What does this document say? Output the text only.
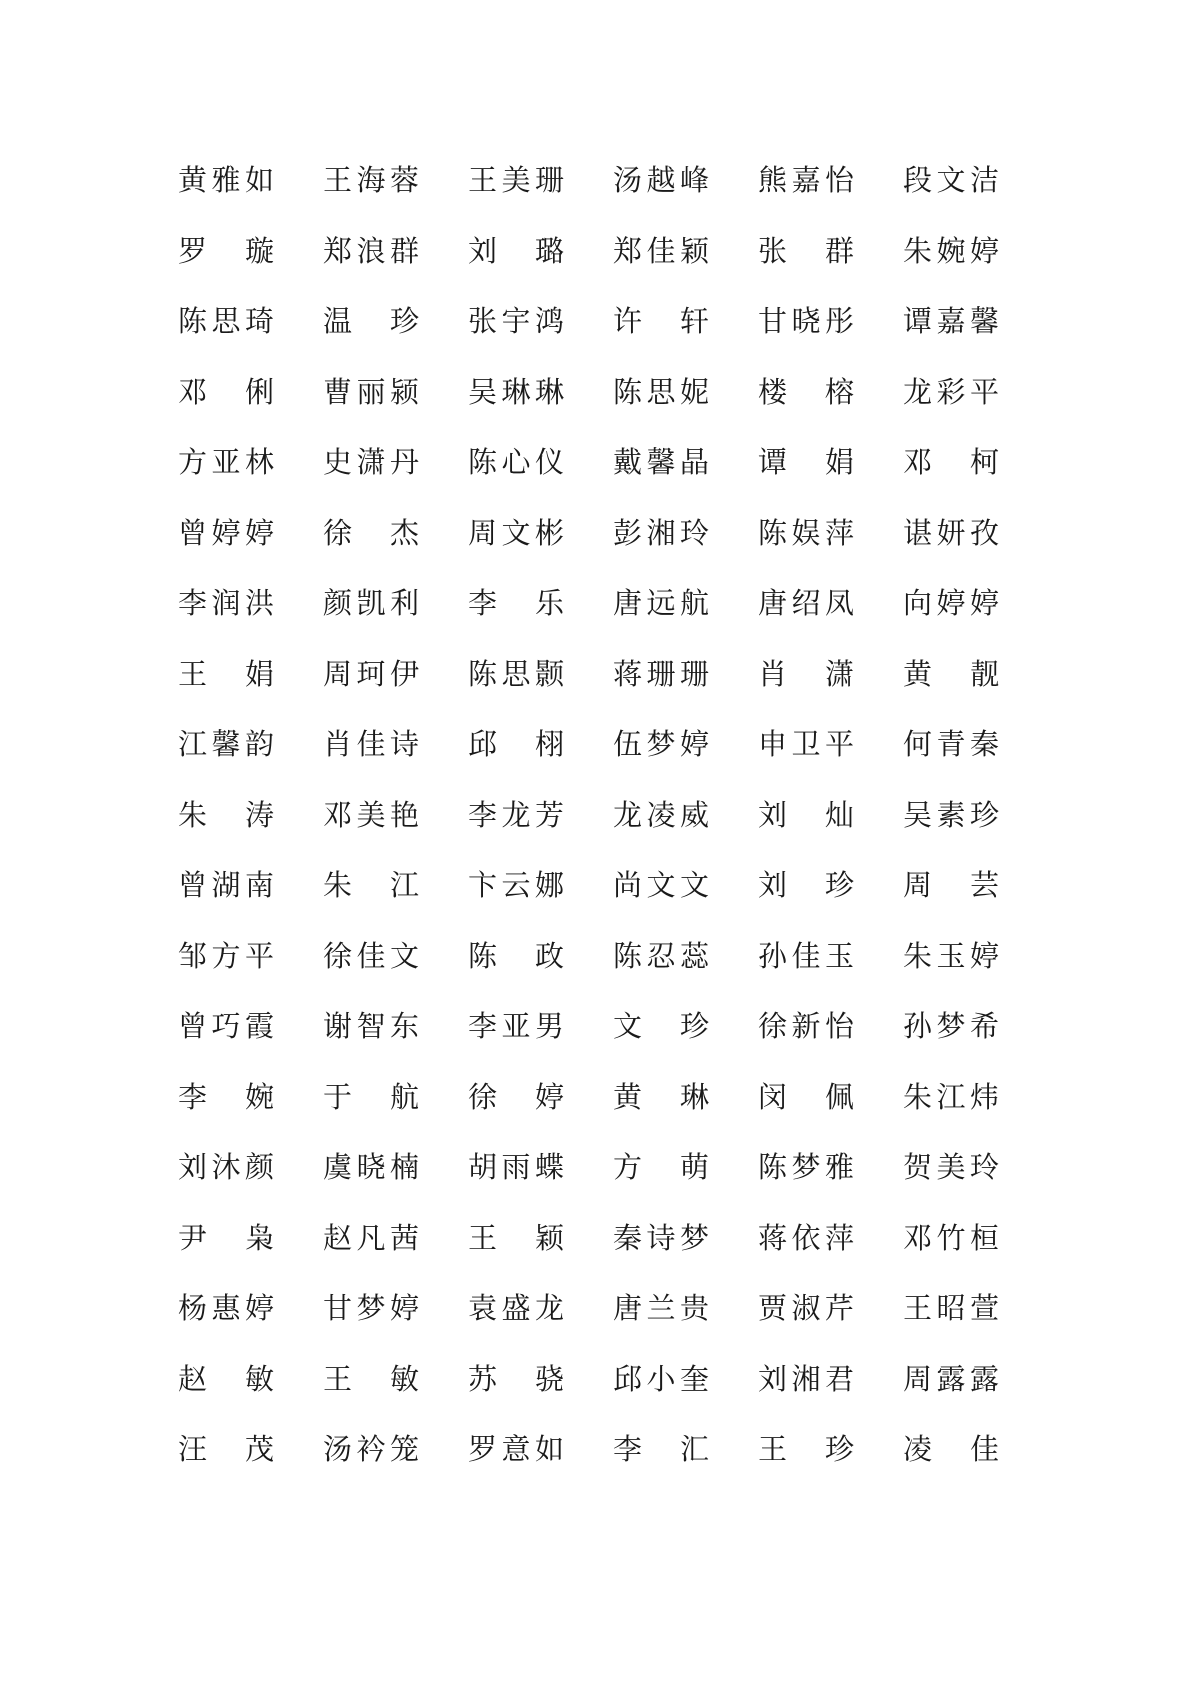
黄 雅 如 王 海 蓉 王 美 珊 汤 越 峰 熊 嘉 怡 段 文 洁
罗 璇 郑 浪 群 刘 璐 郑 佳 颖 张 群 朱 婉 婷
陈 思 琦 温 珍 张 宇 鸿 许 轩 甘 晓 彤 谭 嘉 馨
邓 俐 曹 丽 颍 吴 琳 琳 陈 思 妮 楼 榕 龙 彩 平
方 亚 林 史 潇 丹 陈 心 仪 戴 馨 晶 谭 娟 邓 柯
曾 婷 婷 徐 杰 周 文 彬 彭 湘 玲 陈 娱 萍 谌 妍 孜
李 润 洪 颜 凯 利 李 乐 唐 远 航 唐 绍 凤 向 婷 婷
王 娟 周 珂 伊 陈 思 颢 蒋 珊 珊 肖 潇 黄 靓
江 馨 韵 肖 佳 诗 邱 栩 伍 梦 婷 申 卫 平 何 青 秦
朱 涛 邓 美 艳 李 龙 芳 龙 凌 威 刘 灿 吴 素 珍
曾 湖 南 朱 江 卞 云 娜 尚 文 文 刘 珍 周 芸
邹 方 平 徐 佳 文 陈 政 陈 忍 蕊 孙 佳 玉 朱 玉 婷
曾 巧 霞 谢 智 东 李 亚 男 文 珍 徐 新 怡 孙 梦 希
李 婉 于 航 徐 婷 黄 琳 闵 佩 朱 江 炜
刘 沐 颜 虞 晓 楠 胡 雨 蝶 方 萌 陈 梦 雅 贺 美 玲
尹 枭 赵 凡 茜 王 颖 秦 诗 梦 蒋 依 萍 邓 竹 桓
杨 惠 婷 甘 梦 婷 袁 盛 龙 唐 兰 贵 贾 淑 芹 王 昭 萱
赵 敏 王 敏 苏 骁 邱 小 奎 刘 湘 君 周 露 露
汪 茂 汤 衿 笼 罗 意 如 李 汇 王 珍 凌 佳
